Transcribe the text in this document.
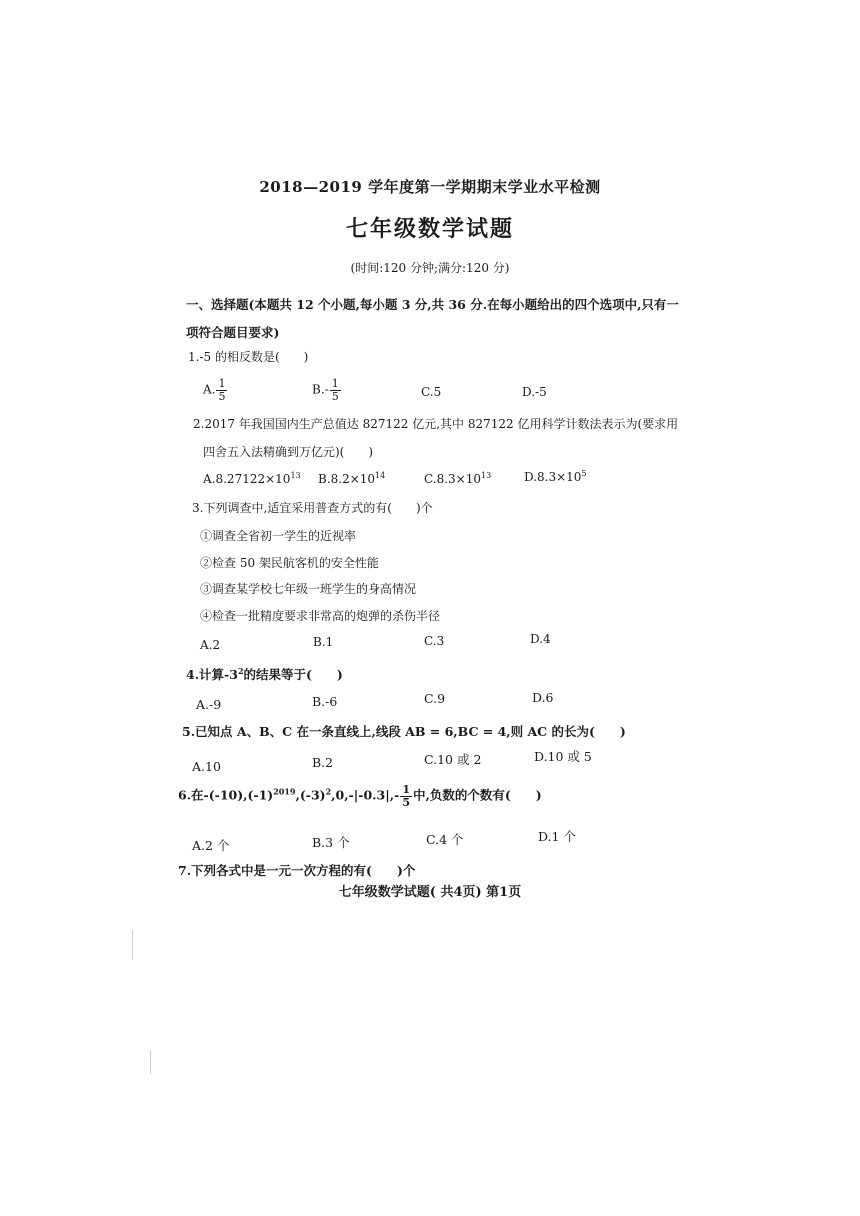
2018—2019 学年度第一学期期末学业水平检测
七年级数学试题
(时间:120 分钟;满分:120 分)
一、选择题(本题共 12 个小题,每小题 3 分,共 36 分.在每小题给出的四个选项中,只有一
项符合题目要求)
1.-5 的相反数是(　　)
A. $\frac{1}{5}$	$B.- \frac{1}{5}$	C.5	D.-5
2.2017 年我国国内生产总值达 827122 亿元,其中 827122 亿用科学计数法表示为(要求用
四舍五入法精确到万亿元)(　　)
$A.8.27122\times 10^{13}$ $B.8.2\times 10^{14}$	$C.8.3\times 10^{13}$	$D.8.3\times 10^5$
3.下列调查中,适宜采用普查方式的有(　　)个
①调查全省初一学生的近视率
②检查 50 架民航客机的安全性能
③调查某学校七年级一班学生的身高情况
④检查一批精度要求非常高的炮弹的杀伤半径
A.2	B.1	C.3	D.4
4.计算$-3^2$的结果等于(　　)
A.-9	B.-6	C.9	D.6
5.已知点 A、B、C 在一条直线上,线段 AB = 6,BC = 4,则 AC 的长为(　　)
A.10	B.2	C.10 或 2	D.10 或 5
6.在$-(-10),(-1)^{2019},(-3)^2,0,-|-0.3|,- \frac{1}{5}$ 中,负数的个数有(　　)
A.2 个	B.3 个	C.4 个	D.1 个
7.下列各式中是一元一次方程的有(　　)个
七年级数学试题( 共4页) 第1页
